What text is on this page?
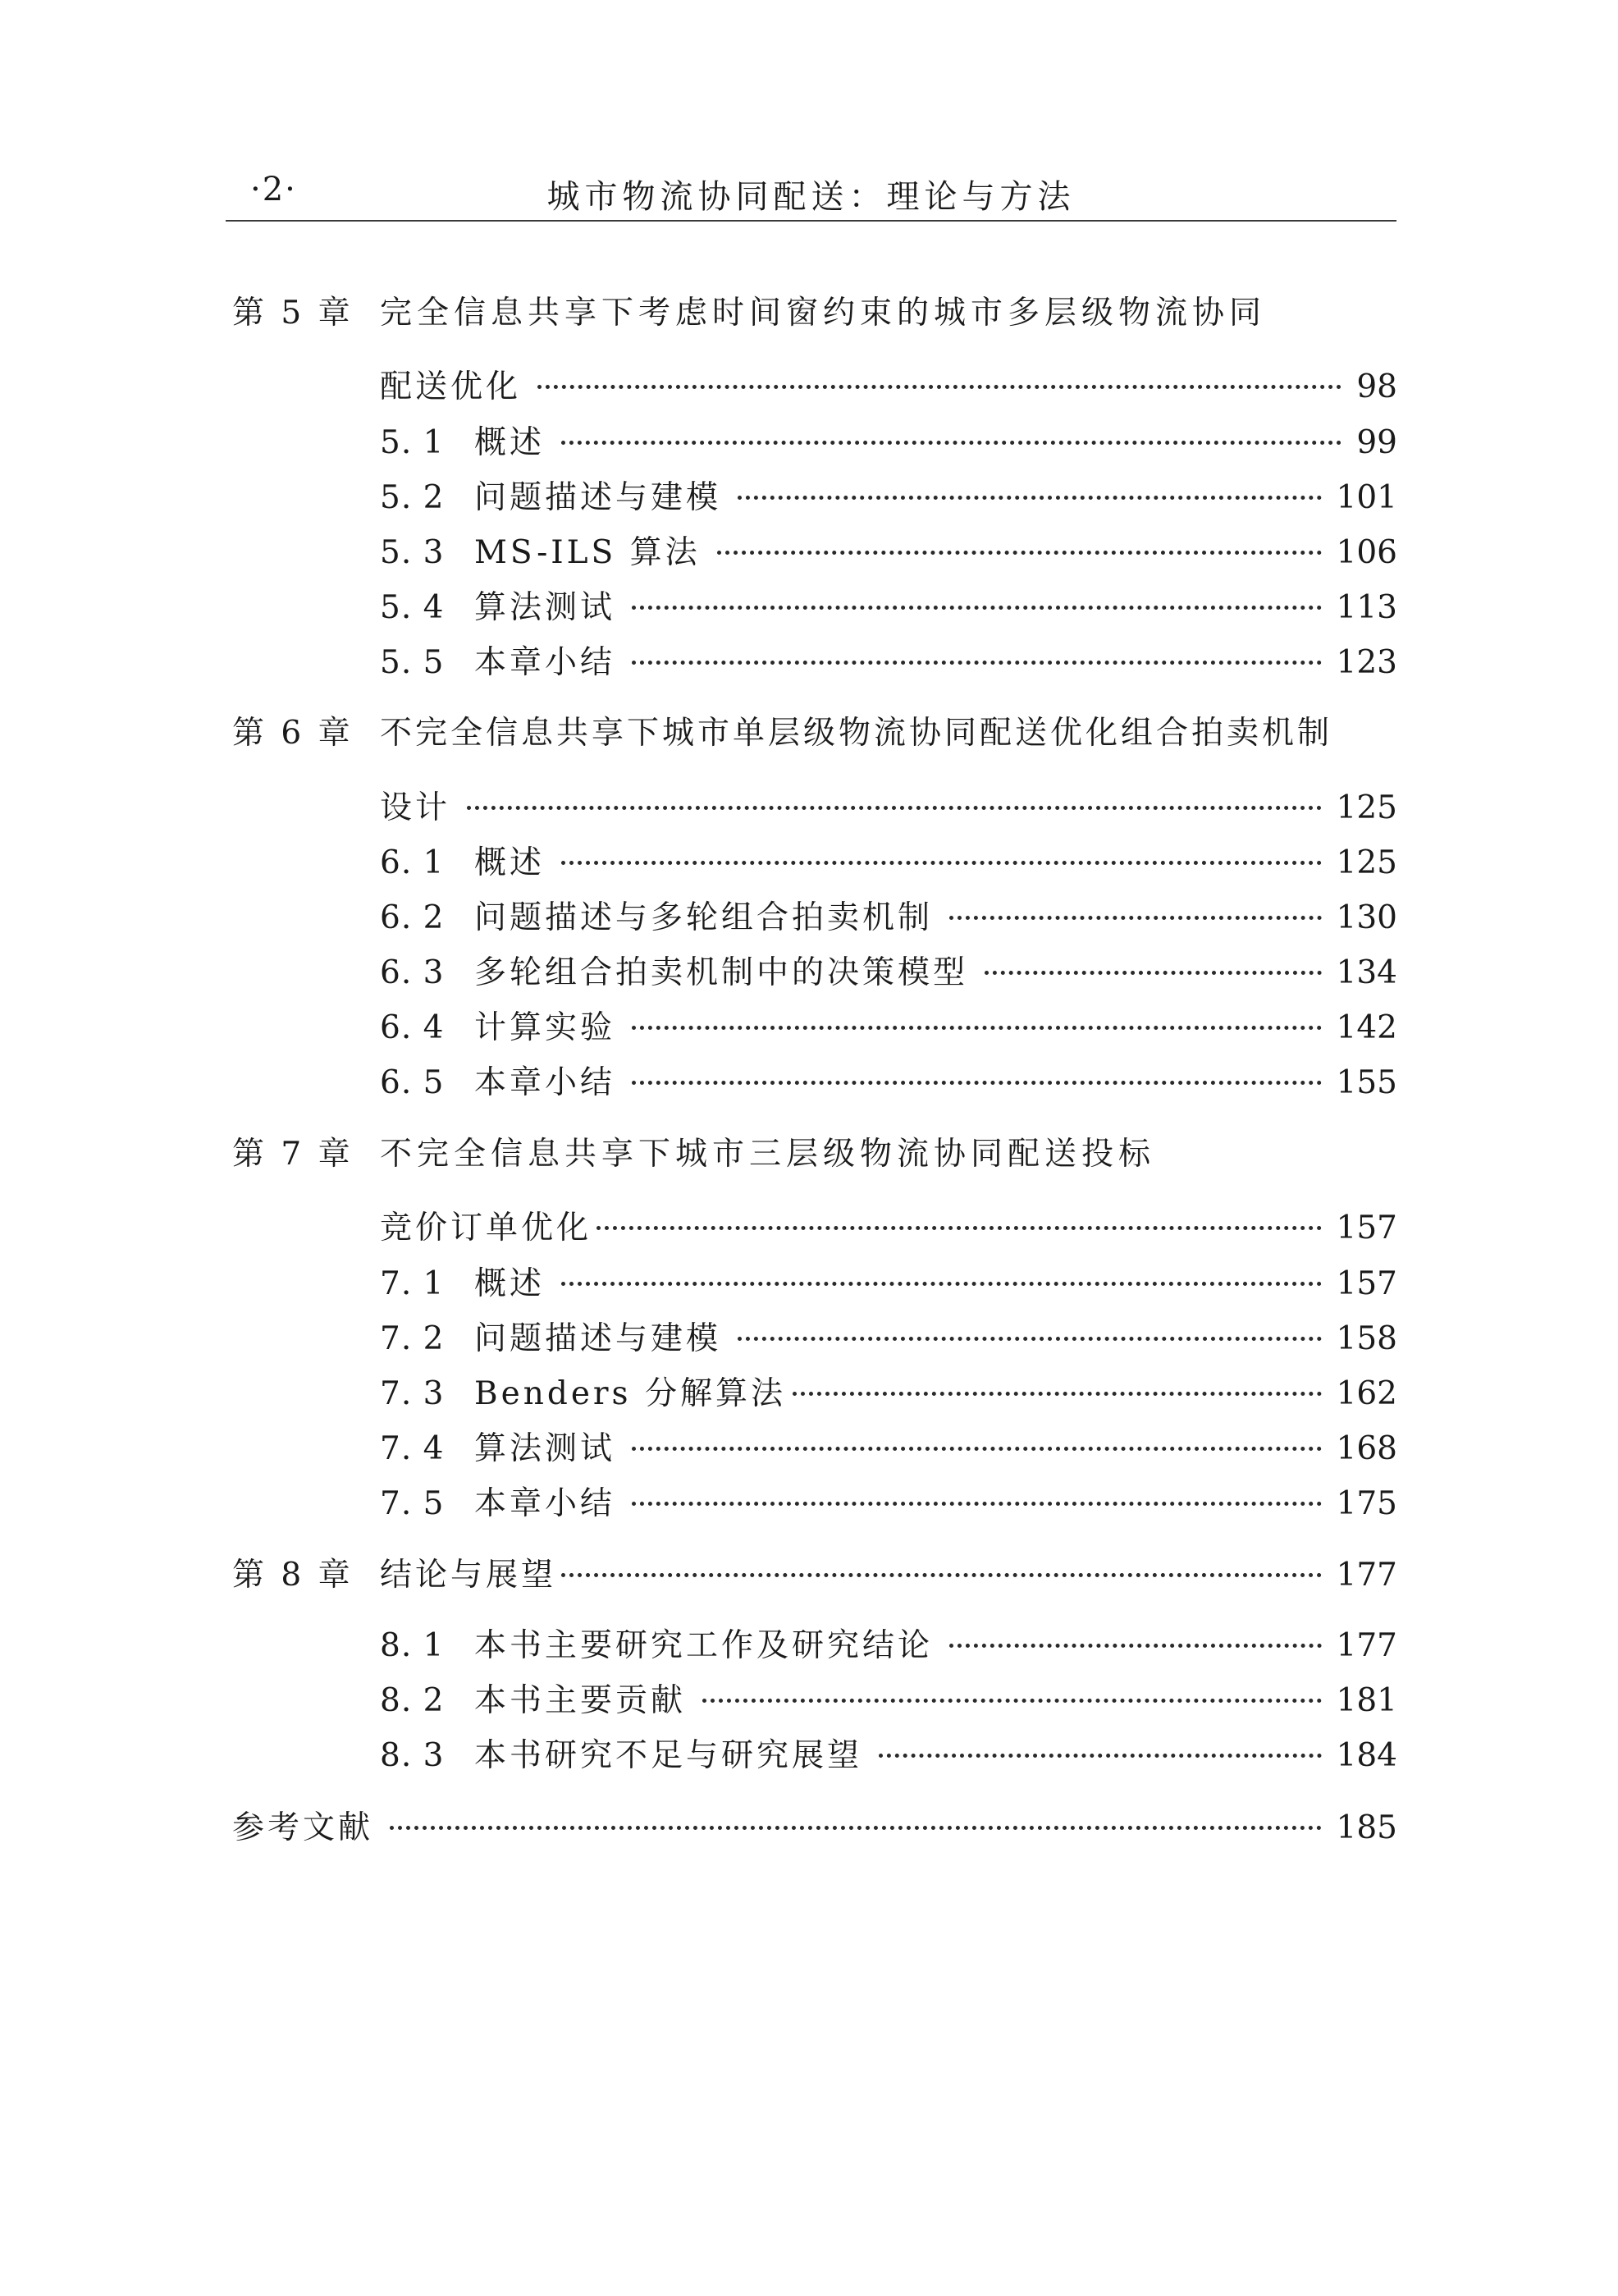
·2·	城市物流协同配送：理论与方法
第 5 章 完全信息共享下考虑时间窗约束的城市多层级物流协同
配送优化	98
5. 1 概述	99
5. 2 问题描述与建模	101
5. 3 MS-ILS 算法	106
5. 4 算法测试	113
5. 5 本章小结	123
第 6 章 不完全信息共享下城市单层级物流协同配送优化组合拍卖机制
设计	125
6. 1 概述	125
6. 2 问题描述与多轮组合拍卖机制	130
6. 3 多轮组合拍卖机制中的决策模型	134
6. 4 计算实验	142
6. 5 本章小结	155
第 7 章 不完全信息共享下城市三层级物流协同配送投标
竞价订单优化	157
7. 1 概述	157
7. 2 问题描述与建模	158
7. 3 Benders 分解算法	162
7. 4 算法测试	168
7. 5 本章小结	175
第 8 章 结论与展望	177
8. 1 本书主要研究工作及研究结论	177
8. 2 本书主要贡献	181
8. 3 本书研究不足与研究展望	184
参考文献	185
